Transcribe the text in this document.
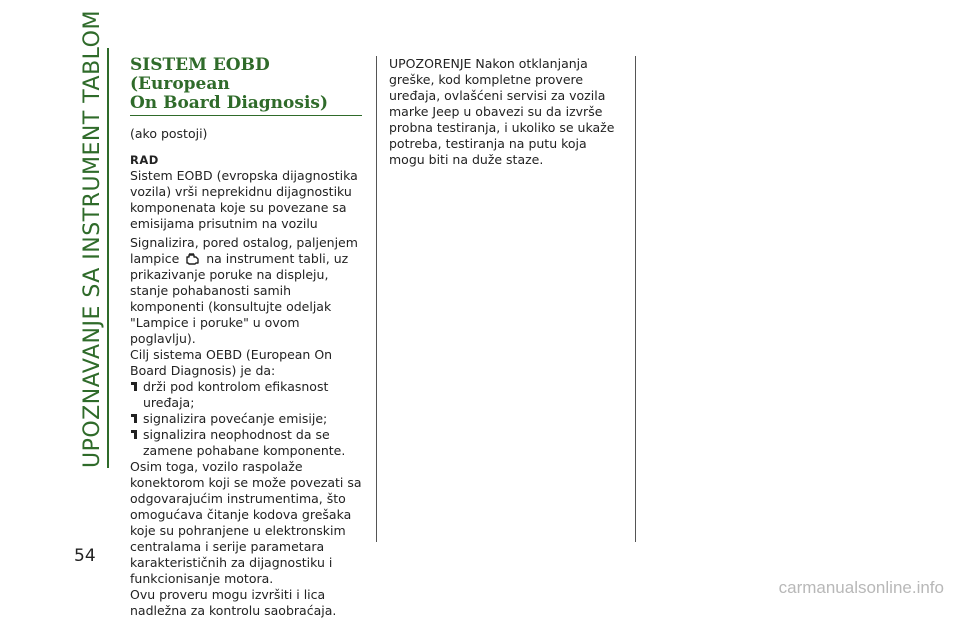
UPOZNAVANJE SA INSTRUMENT TABLOM SISTEM EOBD (European
On Board Diagnosis)

(ako postoji)

RAD

Sistem EOBD (evropska dijagnostika vozila) vrši neprekidnu dijagnostiku komponenata koje su povezane sa emisijama prisutnim na vozilu

Signalizira, pored ostalog, paljenjem lampice na instrument tabli, uz prikazivanje poruke na displeju, stanje pohabanosti samih komponenti (konsultujte odeljak "Lampice i poruke" u ovom poglavlju).

Cilj sistema OEBD (European On Board Diagnosis) je da:

drži pod kontrolom efikasnost uređaja;
signalizira povećanje emisije;
signalizira neophodnost da se zamene pohabane komponente.

Osim toga, vozilo raspolaže konektorom koji se može povezati sa odgovarajućim instrumentima, što omogućava čitanje kodova grešaka koje su pohranjene u elektronskim centralama i serije parametara karakterističnih za dijagnostiku i funkcionisanje motora.

Ovu proveru mogu izvršiti i lica nadležna za kontrolu saobraćaja.

UPOZORENJE Nakon otklanjanja greške, kod kompletne provere uređaja, ovlašćeni servisi za vozila marke Jeep u obavezi su da izvrše probna testiranja, i ukoliko se ukaže potreba, testiranja na putu koja mogu biti na duže staze.

54
carmanualsonline.info
